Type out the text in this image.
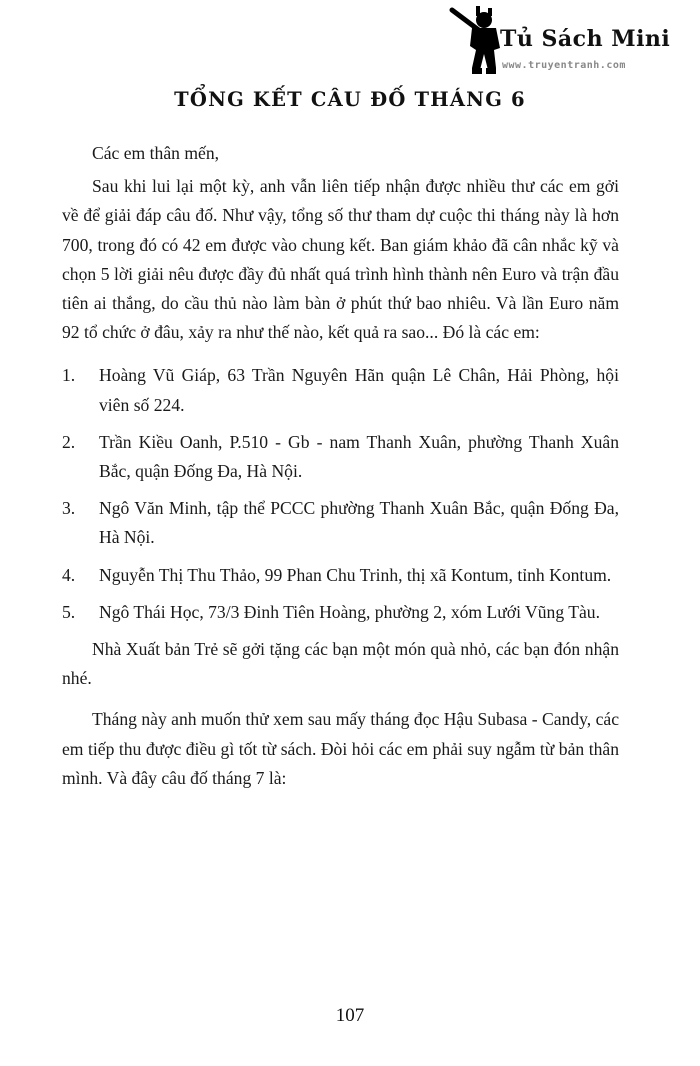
Tủ Sách Mini
www.truyentranh.com
TỔNG KẾT CÂU ĐỐ THÁNG 6

Các em thân mến,

Sau khi lui lại một kỳ, anh vẫn liên tiếp nhận được nhiều thư các em gởi về để giải đáp câu đố. Như vậy, tổng số thư tham dự cuộc thi tháng này là hơn 700, trong đó có 42 em được vào chung kết. Ban giám khảo đã cân nhắc kỹ và chọn 5 lời giải nêu được đầy đủ nhất quá trình hình thành nên Euro và trận đầu tiên ai thắng, do cầu thủ nào làm bàn ở phút thứ bao nhiêu. Và lần Euro năm 92 tổ chức ở đâu, xảy ra như thế nào, kết quả ra sao... Đó là các em:

1. Hoàng Vũ Giáp, 63 Trần Nguyên Hãn quận Lê Chân, Hải Phòng, hội viên số 224.
2. Trần Kiều Oanh, P.510 - Gb - nam Thanh Xuân, phường Thanh Xuân Bắc, quận Đống Đa, Hà Nội.
3. Ngô Văn Minh, tập thể PCCC phường Thanh Xuân Bắc, quận Đống Đa, Hà Nội.
4. Nguyễn Thị Thu Thảo, 99 Phan Chu Trinh, thị xã Kontum, tỉnh Kontum.
5. Ngô Thái Học, 73/3 Đinh Tiên Hoàng, phường 2, xóm Lưới Vũng Tàu.

Nhà Xuất bản Trẻ sẽ gởi tặng các bạn một món quà nhỏ, các bạn đón nhận nhé.

Tháng này anh muốn thử xem sau mấy tháng đọc Hậu Subasa - Candy, các em tiếp thu được điều gì tốt từ sách. Đòi hỏi các em phải suy ngẫm từ bản thân mình. Và đây câu đố tháng 7 là:

107
